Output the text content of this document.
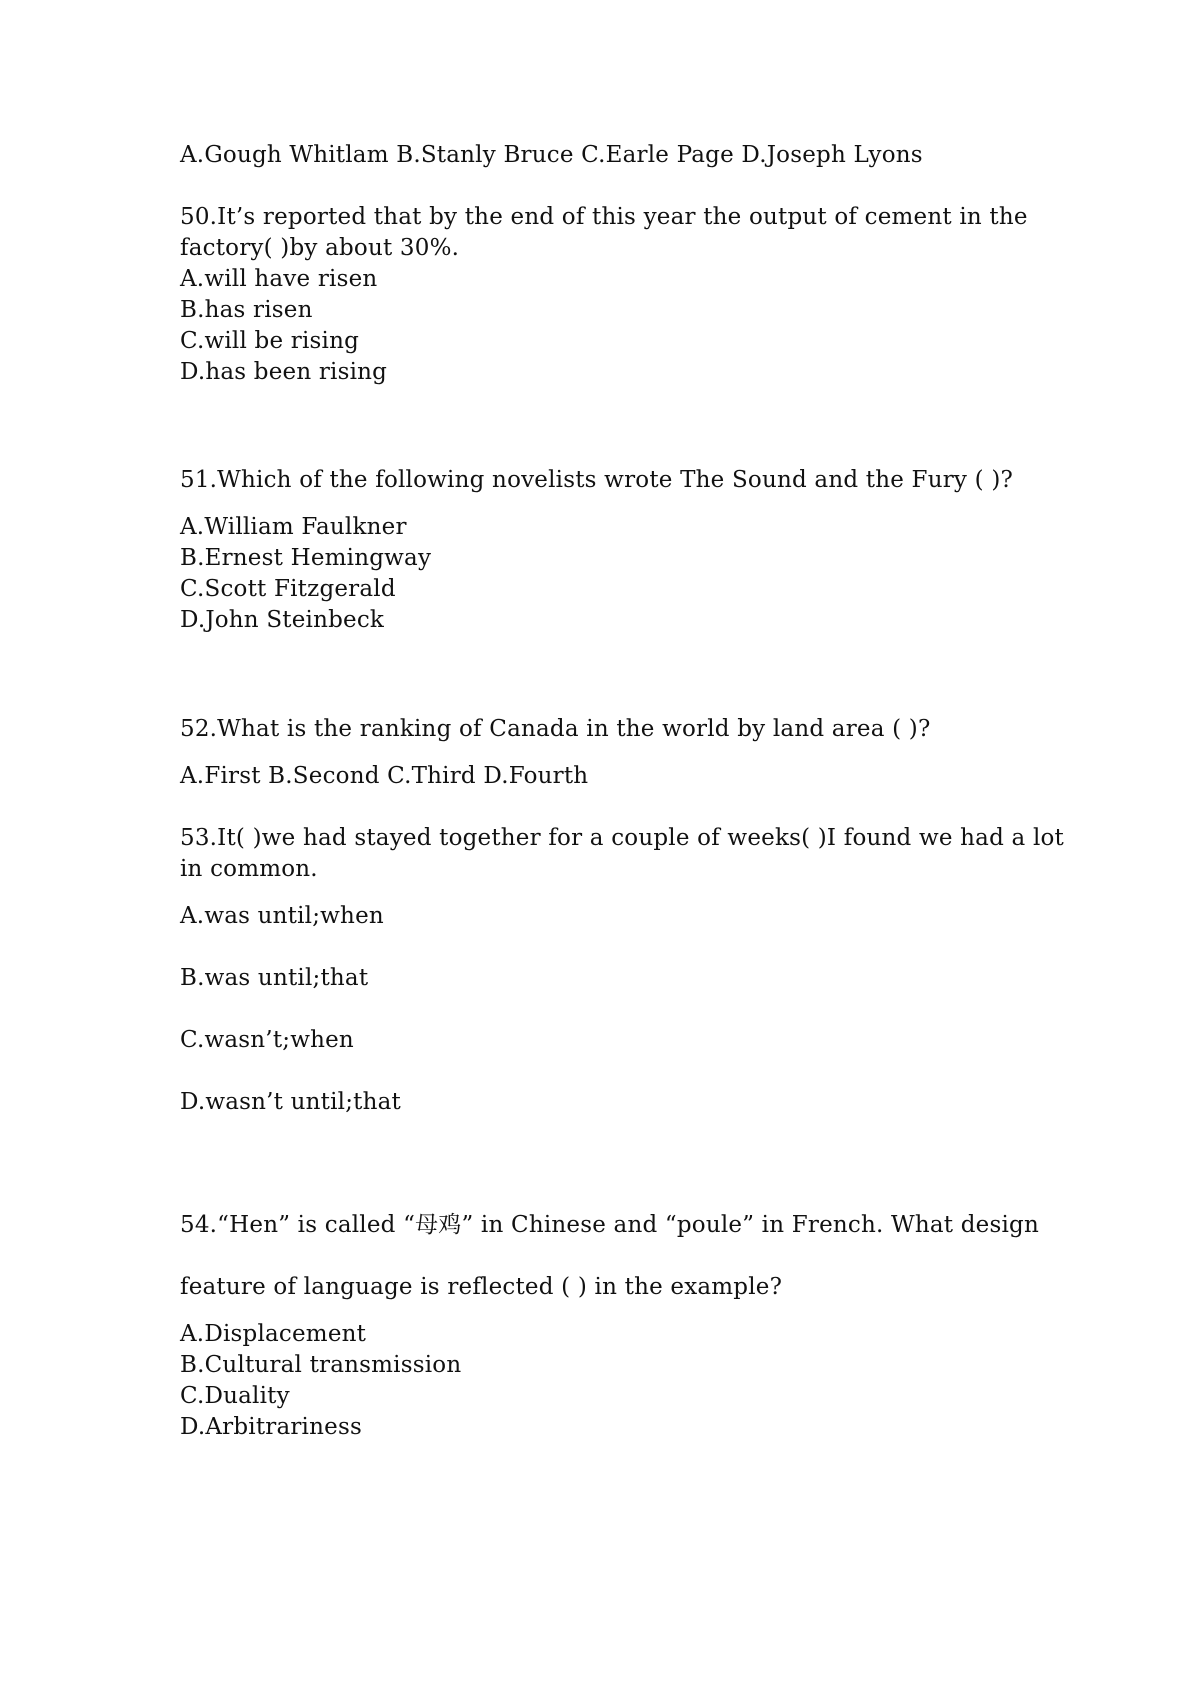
A.Gough Whitlam B.Stanly Bruce C.Earle Page D.Joseph Lyons
50.It’s reported that by the end of this year the output of cement in the
factory( )by about 30%.
A.will have risen
B.has risen
C.will be rising
D.has been rising
51.Which of the following novelists wrote The Sound and the Fury ( )?
A.William Faulkner
B.Ernest Hemingway
C.Scott Fitzgerald
D.John Steinbeck
52.What is the ranking of Canada in the world by land area ( )?
A.First B.Second C.Third D.Fourth
53.It( )we had stayed together for a couple of weeks( )I found we had a lot
in common.
A.was until;when
B.was until;that
C.wasn’t;when
D.wasn’t until;that
54.“Hen” is called “母鸡” in Chinese and “poule” in French. What design
feature of language is reflected ( ) in the example?
A.Displacement
B.Cultural transmission
C.Duality
D.Arbitrariness
